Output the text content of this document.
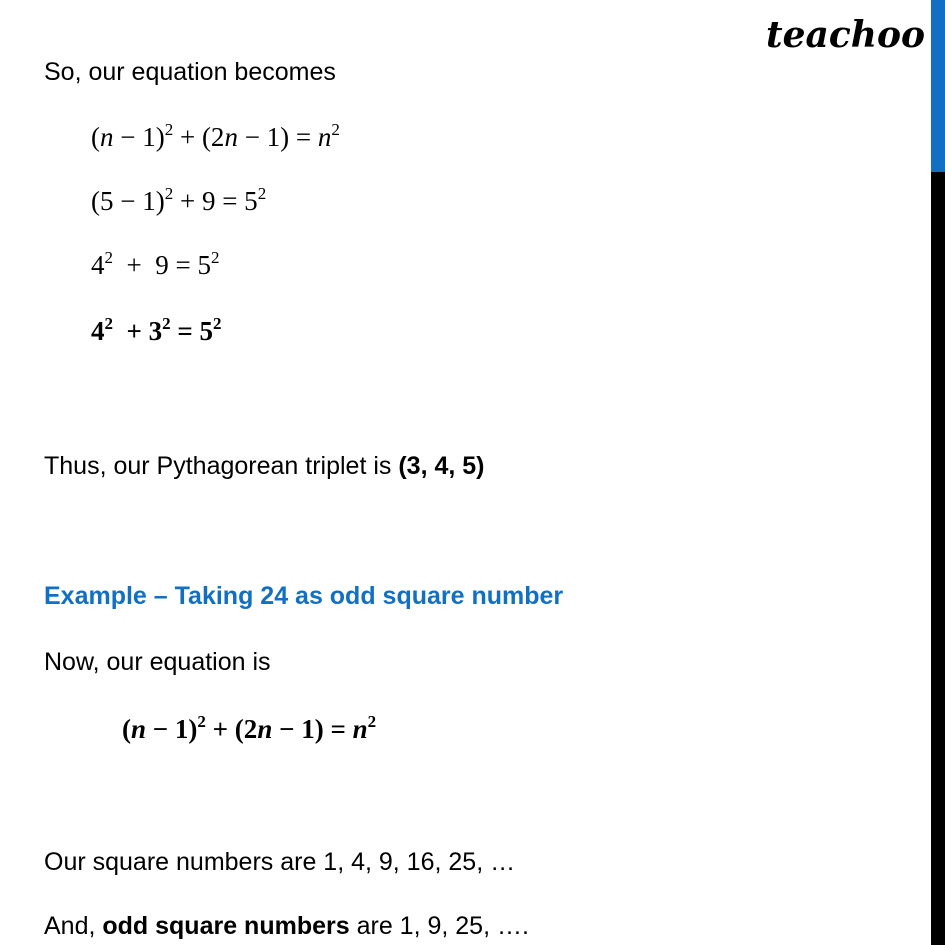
teachoo
So, our equation becomes
$(n - 1)^2 + (2n - 1) = n^2$
$(5 - 1)^2 + 9 = 5^2$
$4^2 + 9 = 5^2$
$4^2 + 3^2 = 5^2$
Thus, our Pythagorean triplet is (3, 4, 5)
Example – Taking 24 as odd square number
Now, our equation is
$(n - 1)^2 + (2n - 1) = n^2$
Our square numbers are 1, 4, 9, 16, 25, …
And, odd square numbers are 1, 9, 25, ….
